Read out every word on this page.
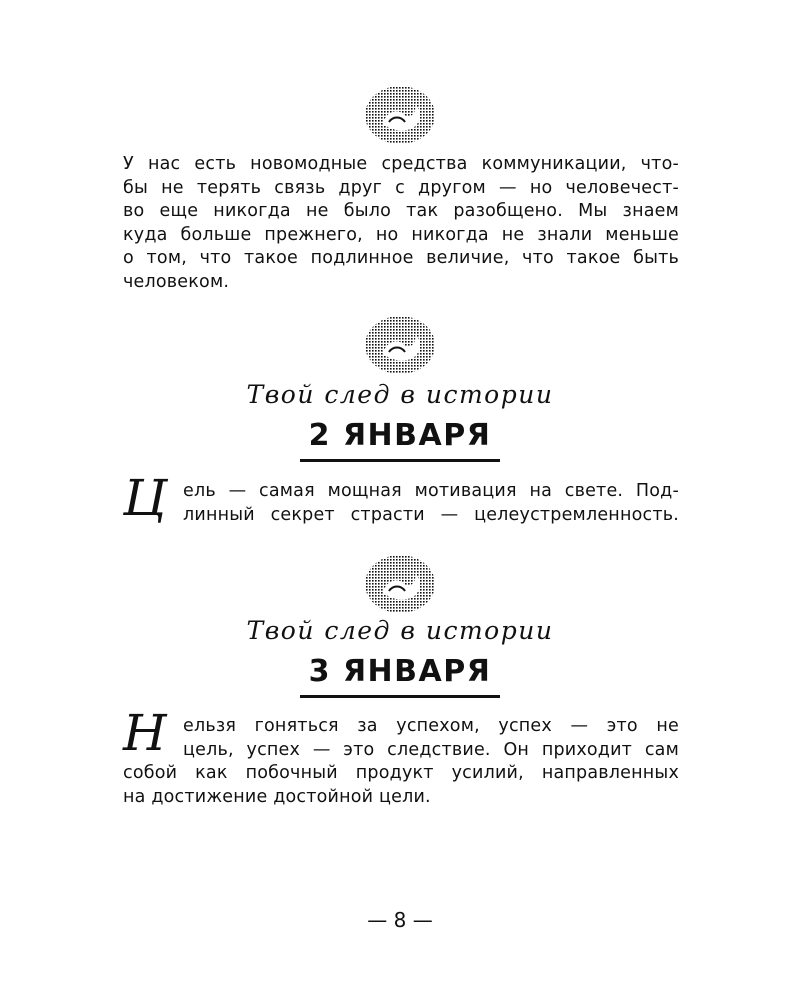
У нас есть новомодные средства коммуникации, что-
бы не терять связь друг с другом — но человечест-
во еще никогда не было так разобщено. Мы знаем
куда больше прежнего, но никогда не знали меньше
о том, что такое подлинное величие, что такое быть
человеком.
Твой след в истории
2 ЯНВАРЯ
Ц ель — самая мощная мотивация на свете. Под-
линный секрет страсти — целеустремленность.
Твой след в истории
3 ЯНВАРЯ
Н ельзя гоняться за успехом, успех — это не
цель, успех — это следствие. Он приходит сам
собой как побочный продукт усилий, направленных
на достижение достойной цели.
— 8 —
